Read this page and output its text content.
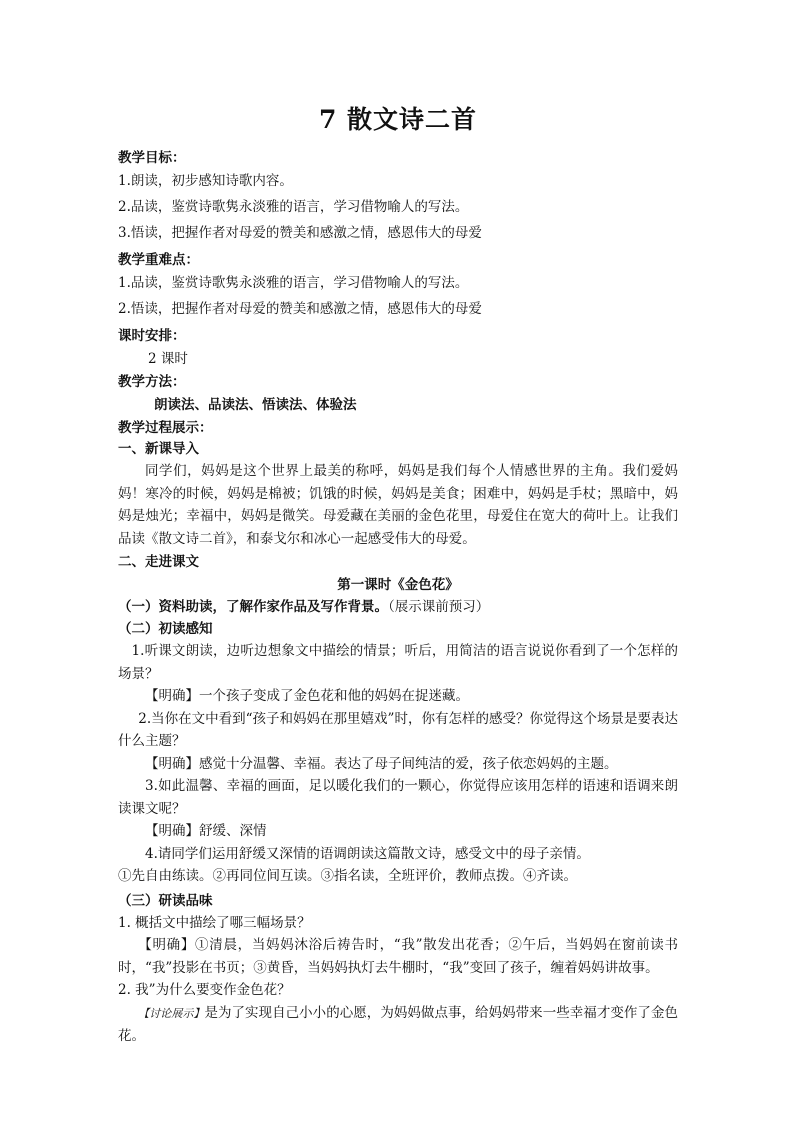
7 散文诗二首
教学目标：
1.朗读，初步感知诗歌内容。
2.品读，鉴赏诗歌隽永淡雅的语言，学习借物喻人的写法。
3.悟读，把握作者对母爱的赞美和感激之情，感恩伟大的母爱
教学重难点：
1.品读，鉴赏诗歌隽永淡雅的语言，学习借物喻人的写法。
2.悟读，把握作者对母爱的赞美和感激之情，感恩伟大的母爱
课时安排：
2 课时
教学方法：
朗读法、品读法、悟读法、体验法
教学过程展示：
一、新课导入

同学们，妈妈是这个世界上最美的称呼，妈妈是我们每个人情感世界的主角。我们爱妈妈！寒冷的时候，妈妈是棉被；饥饿的时候，妈妈是美食；困难中，妈妈是手杖；黑暗中，妈妈是烛光；幸福中，妈妈是微笑。母爱藏在美丽的金色花里，母爱住在宽大的荷叶上。让我们品读《散文诗二首》，和泰戈尔和冰心一起感受伟大的母爱。

二、走进课文
第一课时《金色花》
（一）资料助读，了解作家作品及写作背景。（展示课前预习）
（二）初读感知

1.听课文朗读，边听边想象文中描绘的情景；听后，用简洁的语言说说你看到了一个怎样的场景？

【明确】一个孩子变成了金色花和他的妈妈在捉迷藏。

2.当你在文中看到“孩子和妈妈在那里嬉戏”时，你有怎样的感受？你觉得这个场景是要表达什么主题？

【明确】感觉十分温馨、幸福。表达了母子间纯洁的爱，孩子依恋妈妈的主题。

3.如此温馨、幸福的画面，足以暖化我们的一颗心，你觉得应该用怎样的语速和语调来朗读课文呢？

【明确】舒缓、深情

4.请同学们运用舒缓又深情的语调朗读这篇散文诗，感受文中的母子亲情。

①先自由练读。②再同位间互读。③指名读，全班评价，教师点拨。④齐读。

（三）研读品味

1. 概括文中描绘了哪三幅场景？

【明确】①清晨，当妈妈沐浴后祷告时，“我”散发出花香；②午后，当妈妈在窗前读书时，“我”投影在书页；③黄昏，当妈妈执灯去牛棚时，“我”变回了孩子，缠着妈妈讲故事。

2. 我”为什么要变作金色花？

【讨论展示】是为了实现自己小小的心愿，为妈妈做点事，给妈妈带来一些幸福才变作了金色花。
